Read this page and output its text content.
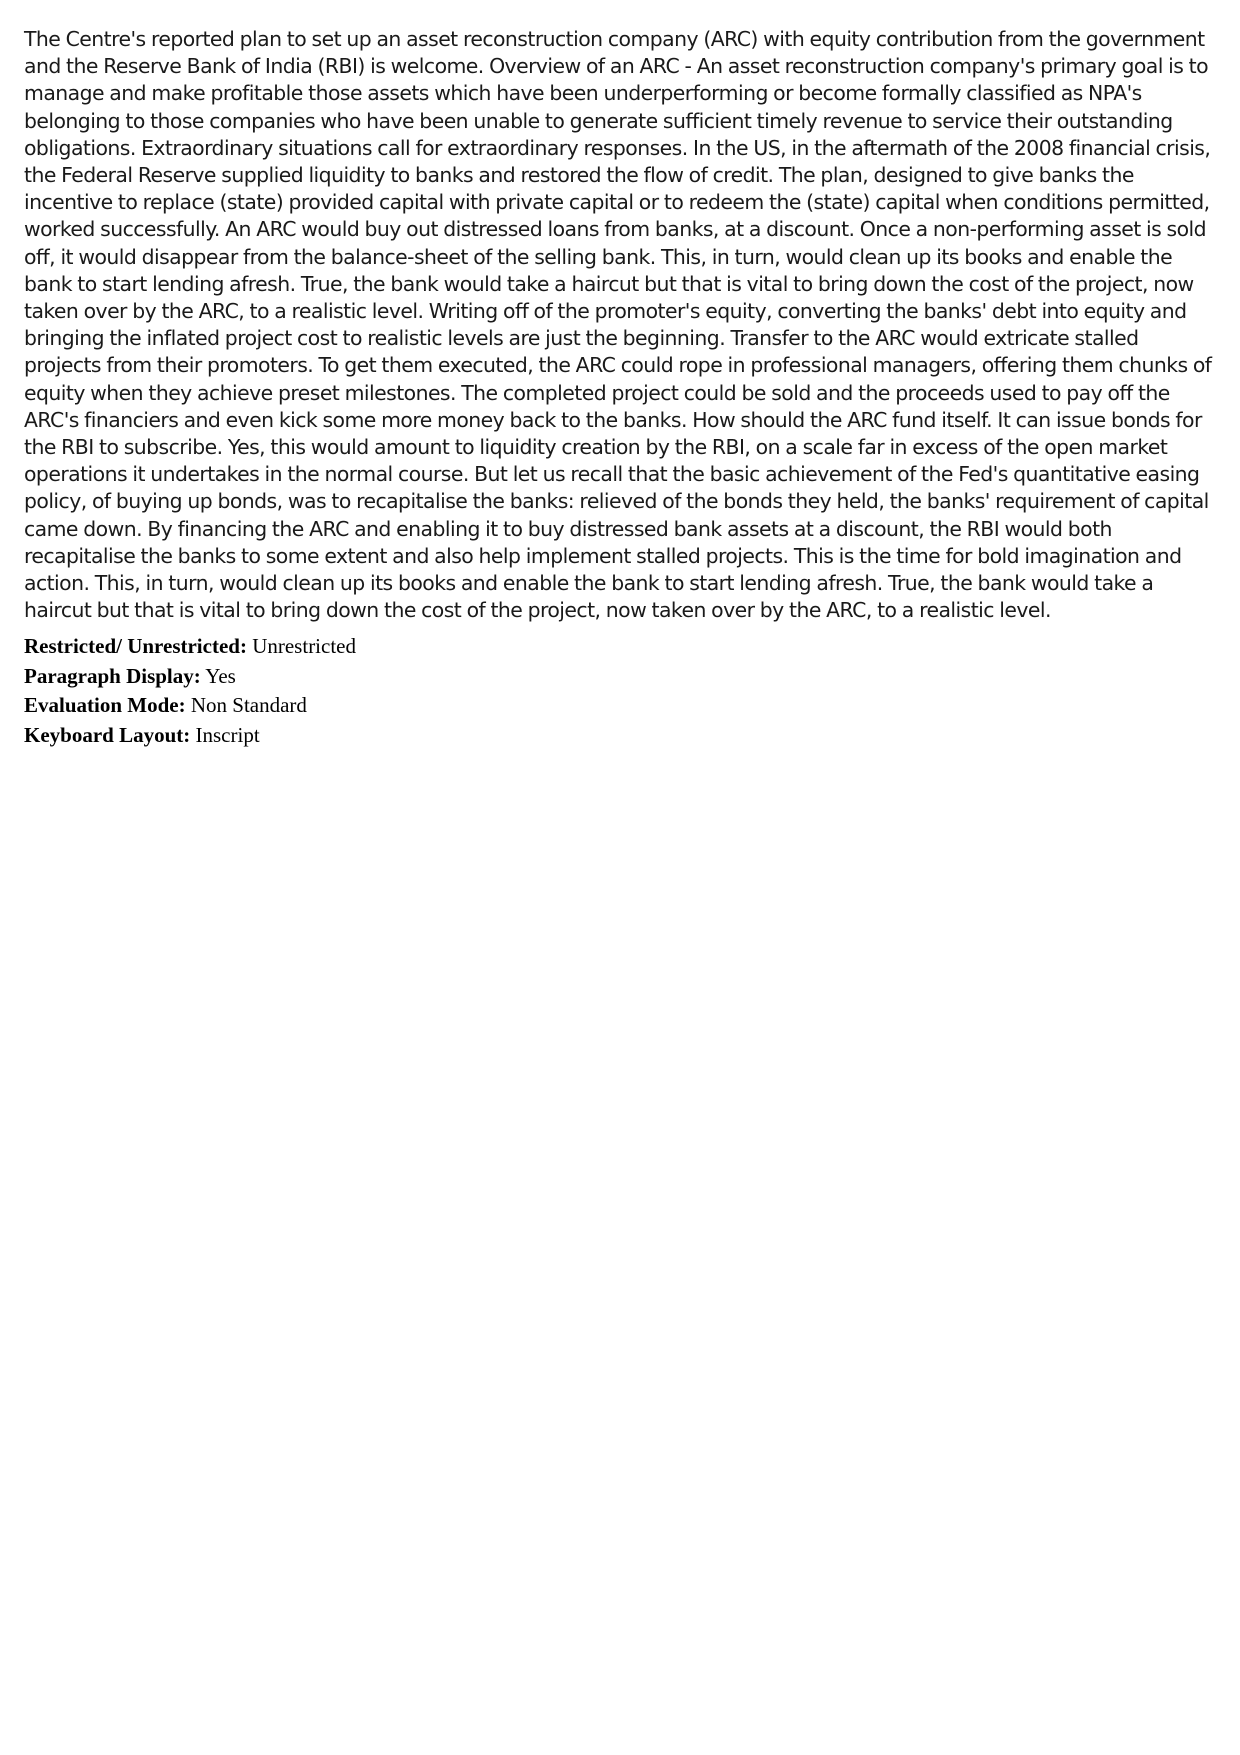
The Centre's reported plan to set up an asset reconstruction company (ARC) with equity contribution from the government and the Reserve Bank of India (RBI) is welcome. Overview of an ARC - An asset reconstruction company's primary goal is to manage and make profitable those assets which have been underperforming or become formally classified as NPA's belonging to those companies who have been unable to generate sufficient timely revenue to service their outstanding obligations. Extraordinary situations call for extraordinary responses. In the US, in the aftermath of the 2008 financial crisis, the Federal Reserve supplied liquidity to banks and restored the flow of credit. The plan, designed to give banks the incentive to replace (state) provided capital with private capital or to redeem the (state) capital when conditions permitted, worked successfully. An ARC would buy out distressed loans from banks, at a discount. Once a non-performing asset is sold off, it would disappear from the balance-sheet of the selling bank. This, in turn, would clean up its books and enable the bank to start lending afresh. True, the bank would take a haircut but that is vital to bring down the cost of the project, now taken over by the ARC, to a realistic level. Writing off of the promoter's equity, converting the banks' debt into equity and bringing the inflated project cost to realistic levels are just the beginning. Transfer to the ARC would extricate stalled projects from their promoters. To get them executed, the ARC could rope in professional managers, offering them chunks of equity when they achieve preset milestones. The completed project could be sold and the proceeds used to pay off the ARC's financiers and even kick some more money back to the banks. How should the ARC fund itself. It can issue bonds for the RBI to subscribe. Yes, this would amount to liquidity creation by the RBI, on a scale far in excess of the open market operations it undertakes in the normal course. But let us recall that the basic achievement of the Fed's quantitative easing policy, of buying up bonds, was to recapitalise the banks: relieved of the bonds they held, the banks' requirement of capital came down. By financing the ARC and enabling it to buy distressed bank assets at a discount, the RBI would both recapitalise the banks to some extent and also help implement stalled projects. This is the time for bold imagination and action. This, in turn, would clean up its books and enable the bank to start lending afresh. True, the bank would take a haircut but that is vital to bring down the cost of the project, now taken over by the ARC, to a realistic level.

Restricted/ Unrestricted: Unrestricted
Paragraph Display: Yes
Evaluation Mode: Non Standard
Keyboard Layout: Inscript
